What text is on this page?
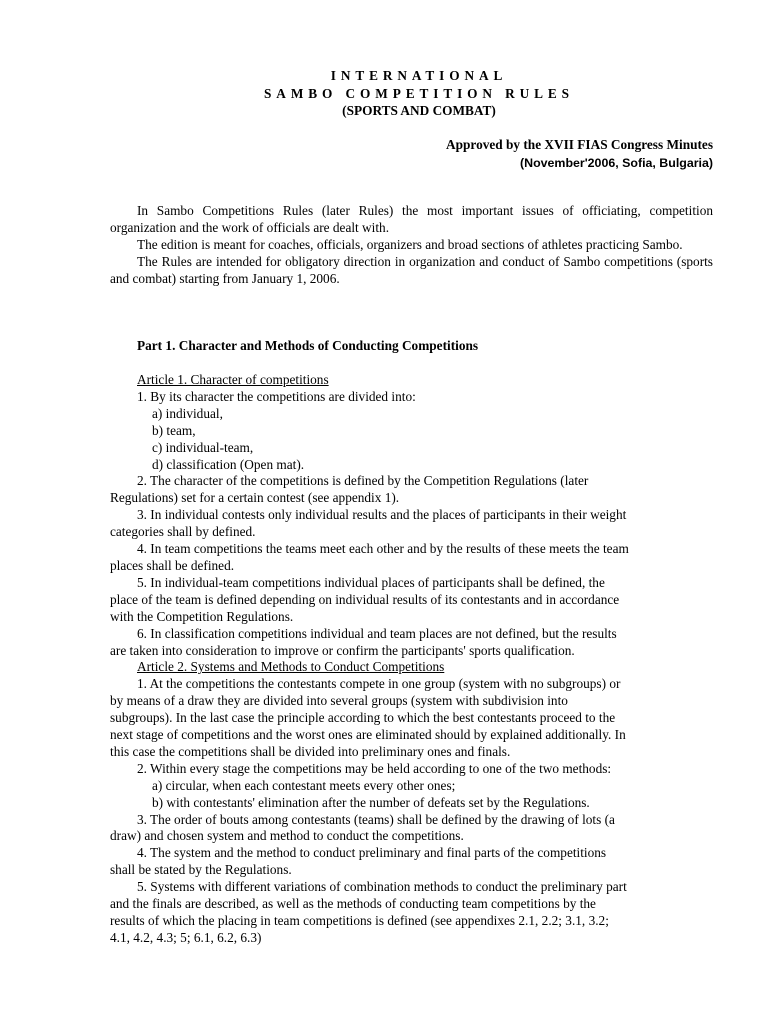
INTERNATIONAL
SAMBO COMPETITION RULES
(SPORTS AND COMBAT)
Approved by the XVII FIAS Congress Minutes
(November'2006, Sofia, Bulgaria)

In Sambo Competitions Rules (later Rules) the most important issues of officiating, competition organization and the work of officials are dealt with.

The edition is meant for coaches, officials, organizers and broad sections of athletes practicing Sambo.

The Rules are intended for obligatory direction in organization and conduct of Sambo competitions (sports and combat) starting from January 1, 2006.

Part 1. Character and Methods of Conducting Competitions
Article 1. Character of competitions
1. By its character the competitions are divided into:
a) individual,
b) team,
c) individual-team,
d) classification (Open mat).
2. The character of the competitions is defined by the Competition Regulations (later
Regulations) set for a certain contest (see appendix 1).
3. In individual contests only individual results and the places of participants in their weight
categories shall by defined.
4. In team competitions the teams meet each other and by the results of these meets the team
places shall be defined.
5. In individual-team competitions individual places of participants shall be defined, the
place of the team is defined depending on individual results of its contestants and in accordance
with the Competition Regulations.
6. In classification competitions individual and team places are not defined, but the results
are taken into consideration to improve or confirm the participants' sports qualification.
Article 2. Systems and Methods to Conduct Competitions
1. At the competitions the contestants compete in one group (system with no subgroups) or
by means of a draw they are divided into several groups (system with subdivision into
subgroups). In the last case the principle according to which the best contestants proceed to the
next stage of competitions and the worst ones are eliminated should by explained additionally. In
this case the competitions shall be divided into preliminary ones and finals.
2. Within every stage the competitions may be held according to one of the two methods:
a) circular, when each contestant meets every other ones;
b) with contestants' elimination after the number of defeats set by the Regulations.
3. The order of bouts among contestants (teams) shall be defined by the drawing of lots (a
draw) and chosen system and method to conduct the competitions.
4. The system and the method to conduct preliminary and final parts of the competitions
shall be stated by the Regulations.
5. Systems with different variations of combination methods to conduct the preliminary part
and the finals are described, as well as the methods of conducting team competitions by the
results of which the placing in team competitions is defined (see appendixes 2.1, 2.2; 3.1, 3.2;
4.1, 4.2, 4.3; 5; 6.1, 6.2, 6.3)
